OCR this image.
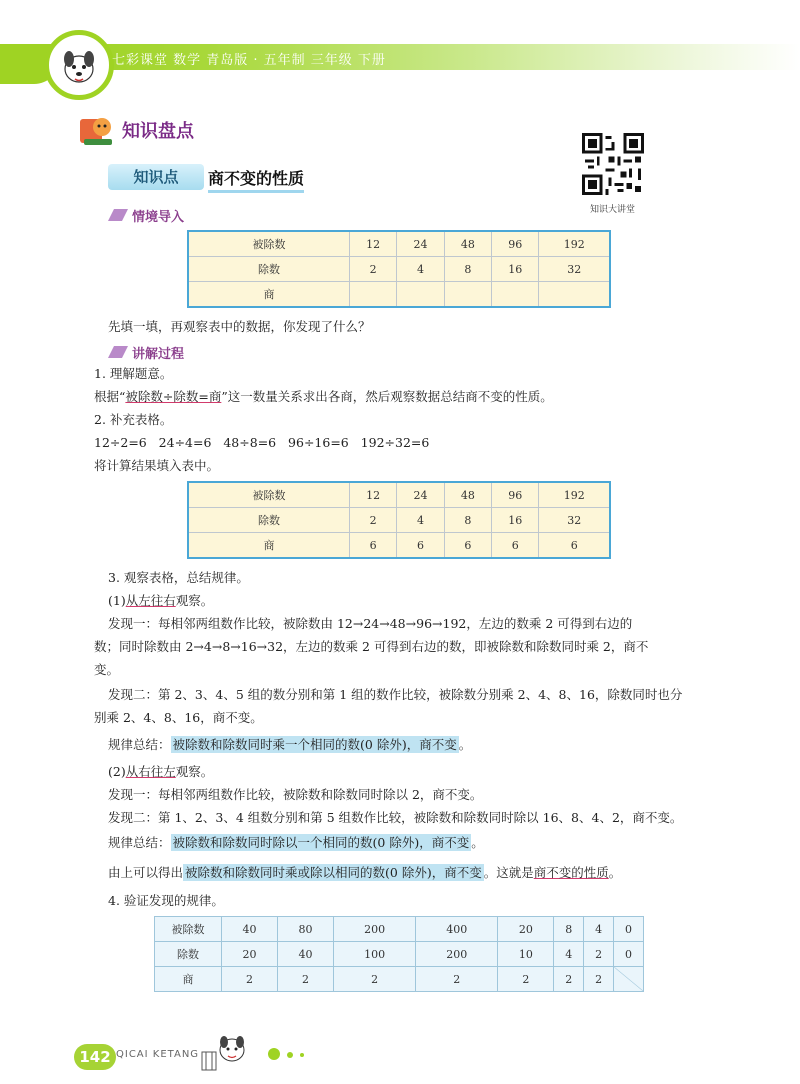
七彩课堂 数学 青岛版 · 五年制 三年级 下册
知识盘点
知识点	商不变的性质
知识大讲堂
情境导入
被除数	12	24	48	96	192
除数	2	4	8	16	32
商					
先填一填，再观察表中的数据，你发现了什么？
讲解过程
1. 理解题意。
根据“被除数÷除数=商”这一数量关系求出各商，然后观察数据总结商不变的性质。
2. 补充表格。
12÷2=6   24÷4=6   48÷8=6   96÷16=6   192÷32=6
将计算结果填入表中。
被除数	12	24	48	96	192
除数	2	4	8	16	32
商	6	6	6	6	6
3. 观察表格，总结规律。
(1)从左往右观察。
发现一：每相邻两组数作比较，被除数由 12→24→48→96→192，左边的数乘 2 可得到右边的
数；同时除数由 2→4→8→16→32，左边的数乘 2 可得到右边的数，即被除数和除数同时乘 2，商不
变。
发现二：第 2、3、4、5 组的数分别和第 1 组的数作比较，被除数分别乘 2、4、8、16，除数同时也分
别乘 2、4、8、16，商不变。
规律总结： 被除数和除数同时乘一个相同的数(0 除外)，商不变 。
(2)从右往左观察。
发现一：每相邻两组数作比较，被除数和除数同时除以 2，商不变。
发现二：第 1、2、3、4 组数分别和第 5 组数作比较，被除数和除数同时除以 16、8、4、2，商不变。
规律总结： 被除数和除数同时除以一个相同的数(0 除外)，商不变 。
由上可以得出 被除数和除数同时乘或除以相同的数(0 除外)，商不变 。这就是商不变的性质。
4. 验证发现的规律。
被除数	40	80	200	400	20	8	4	0
除数	20	40	100	200	10	4	2	0
商	2	2	2	2	2	2	2	
142 QICAI KETANG
